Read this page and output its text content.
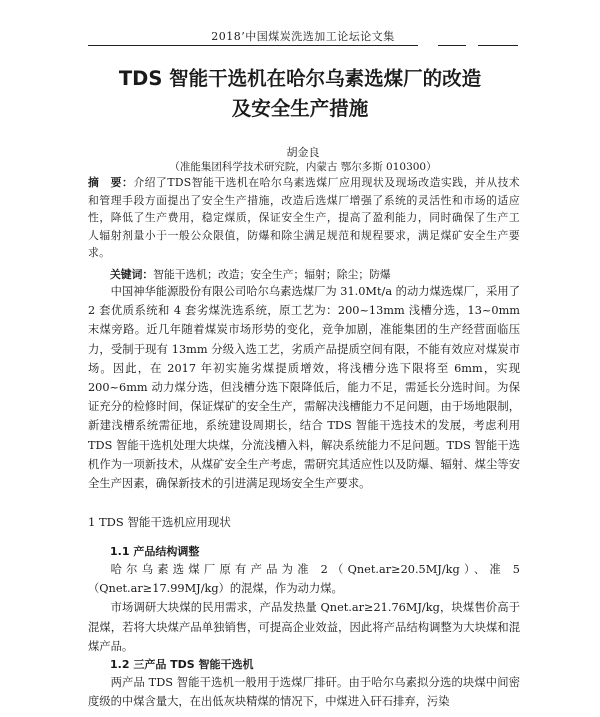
2018’中国煤炭洗选加工论坛论文集
TDS 智能干选机在哈尔乌素选煤厂的改造
及安全生产措施
胡金良
（准能集团科学技术研究院，内蒙古 鄂尔多斯 010300）
摘　要：介绍了TDS智能干选机在哈尔乌素选煤厂应用现状及现场改造实践，并从技术和管理手段方面提出了安全生产措施，改造后选煤厂增强了系统的灵活性和市场的适应性，降低了生产费用，稳定煤质，保证安全生产，提高了盈利能力，同时确保了生产工人辐射剂量小于一般公众限值，防爆和除尘满足规范和规程要求，满足煤矿安全生产要求。
关键词：智能干选机；改造；安全生产；辐射；除尘；防爆

中国神华能源股份有限公司哈尔乌素选煤厂为 31.0Mt/a 的动力煤选煤厂，采用了 2 套优质系统和 4 套劣煤洗选系统，原工艺为：200~13mm 浅槽分选，13~0mm 末煤旁路。近几年随着煤炭市场形势的变化，竞争加剧，准能集团的生产经营面临压力，受制于现有 13mm 分级入选工艺，劣质产品提质空间有限，不能有效应对煤炭市场。因此，在 2017 年初实施劣煤提质增效，将浅槽分选下限将至 6mm，实现 200~6mm 动力煤分选，但浅槽分选下限降低后，能力不足，需延长分选时间。为保证充分的检修时间，保证煤矿的安全生产，需解决浅槽能力不足问题，由于场地限制，新建浅槽系统需征地，系统建设周期长，结合 TDS 智能干选技术的发展，考虑利用 TDS 智能干选机处理大块煤，分流浅槽入料，解决系统能力不足问题。TDS 智能干选机作为一项新技术，从煤矿安全生产考虑，需研究其适应性以及防爆、辐射、煤尘等安全生产因素，确保新技术的引进满足现场安全生产要求。

1 TDS 智能干选机应用现状
1.1 产品结构调整

哈尔乌素选煤厂原有产品为准 2（Qnet.ar≥20.5MJ/kg）、准 5（Qnet.ar≥17.99MJ/kg）的混煤，作为动力煤。

市场调研大块煤的民用需求，产品发热量 Qnet.ar≥21.76MJ/kg，块煤售价高于混煤，若将大块煤产品单独销售，可提高企业效益，因此将产品结构调整为大块煤和混煤产品。

1.2 三产品 TDS 智能干选机

两产品 TDS 智能干选机一般用于选煤厂排矸。由于哈尔乌素拟分选的块煤中间密度级的中煤含量大，在出低灰块精煤的情况下，中煤进入矸石排弃，污染
